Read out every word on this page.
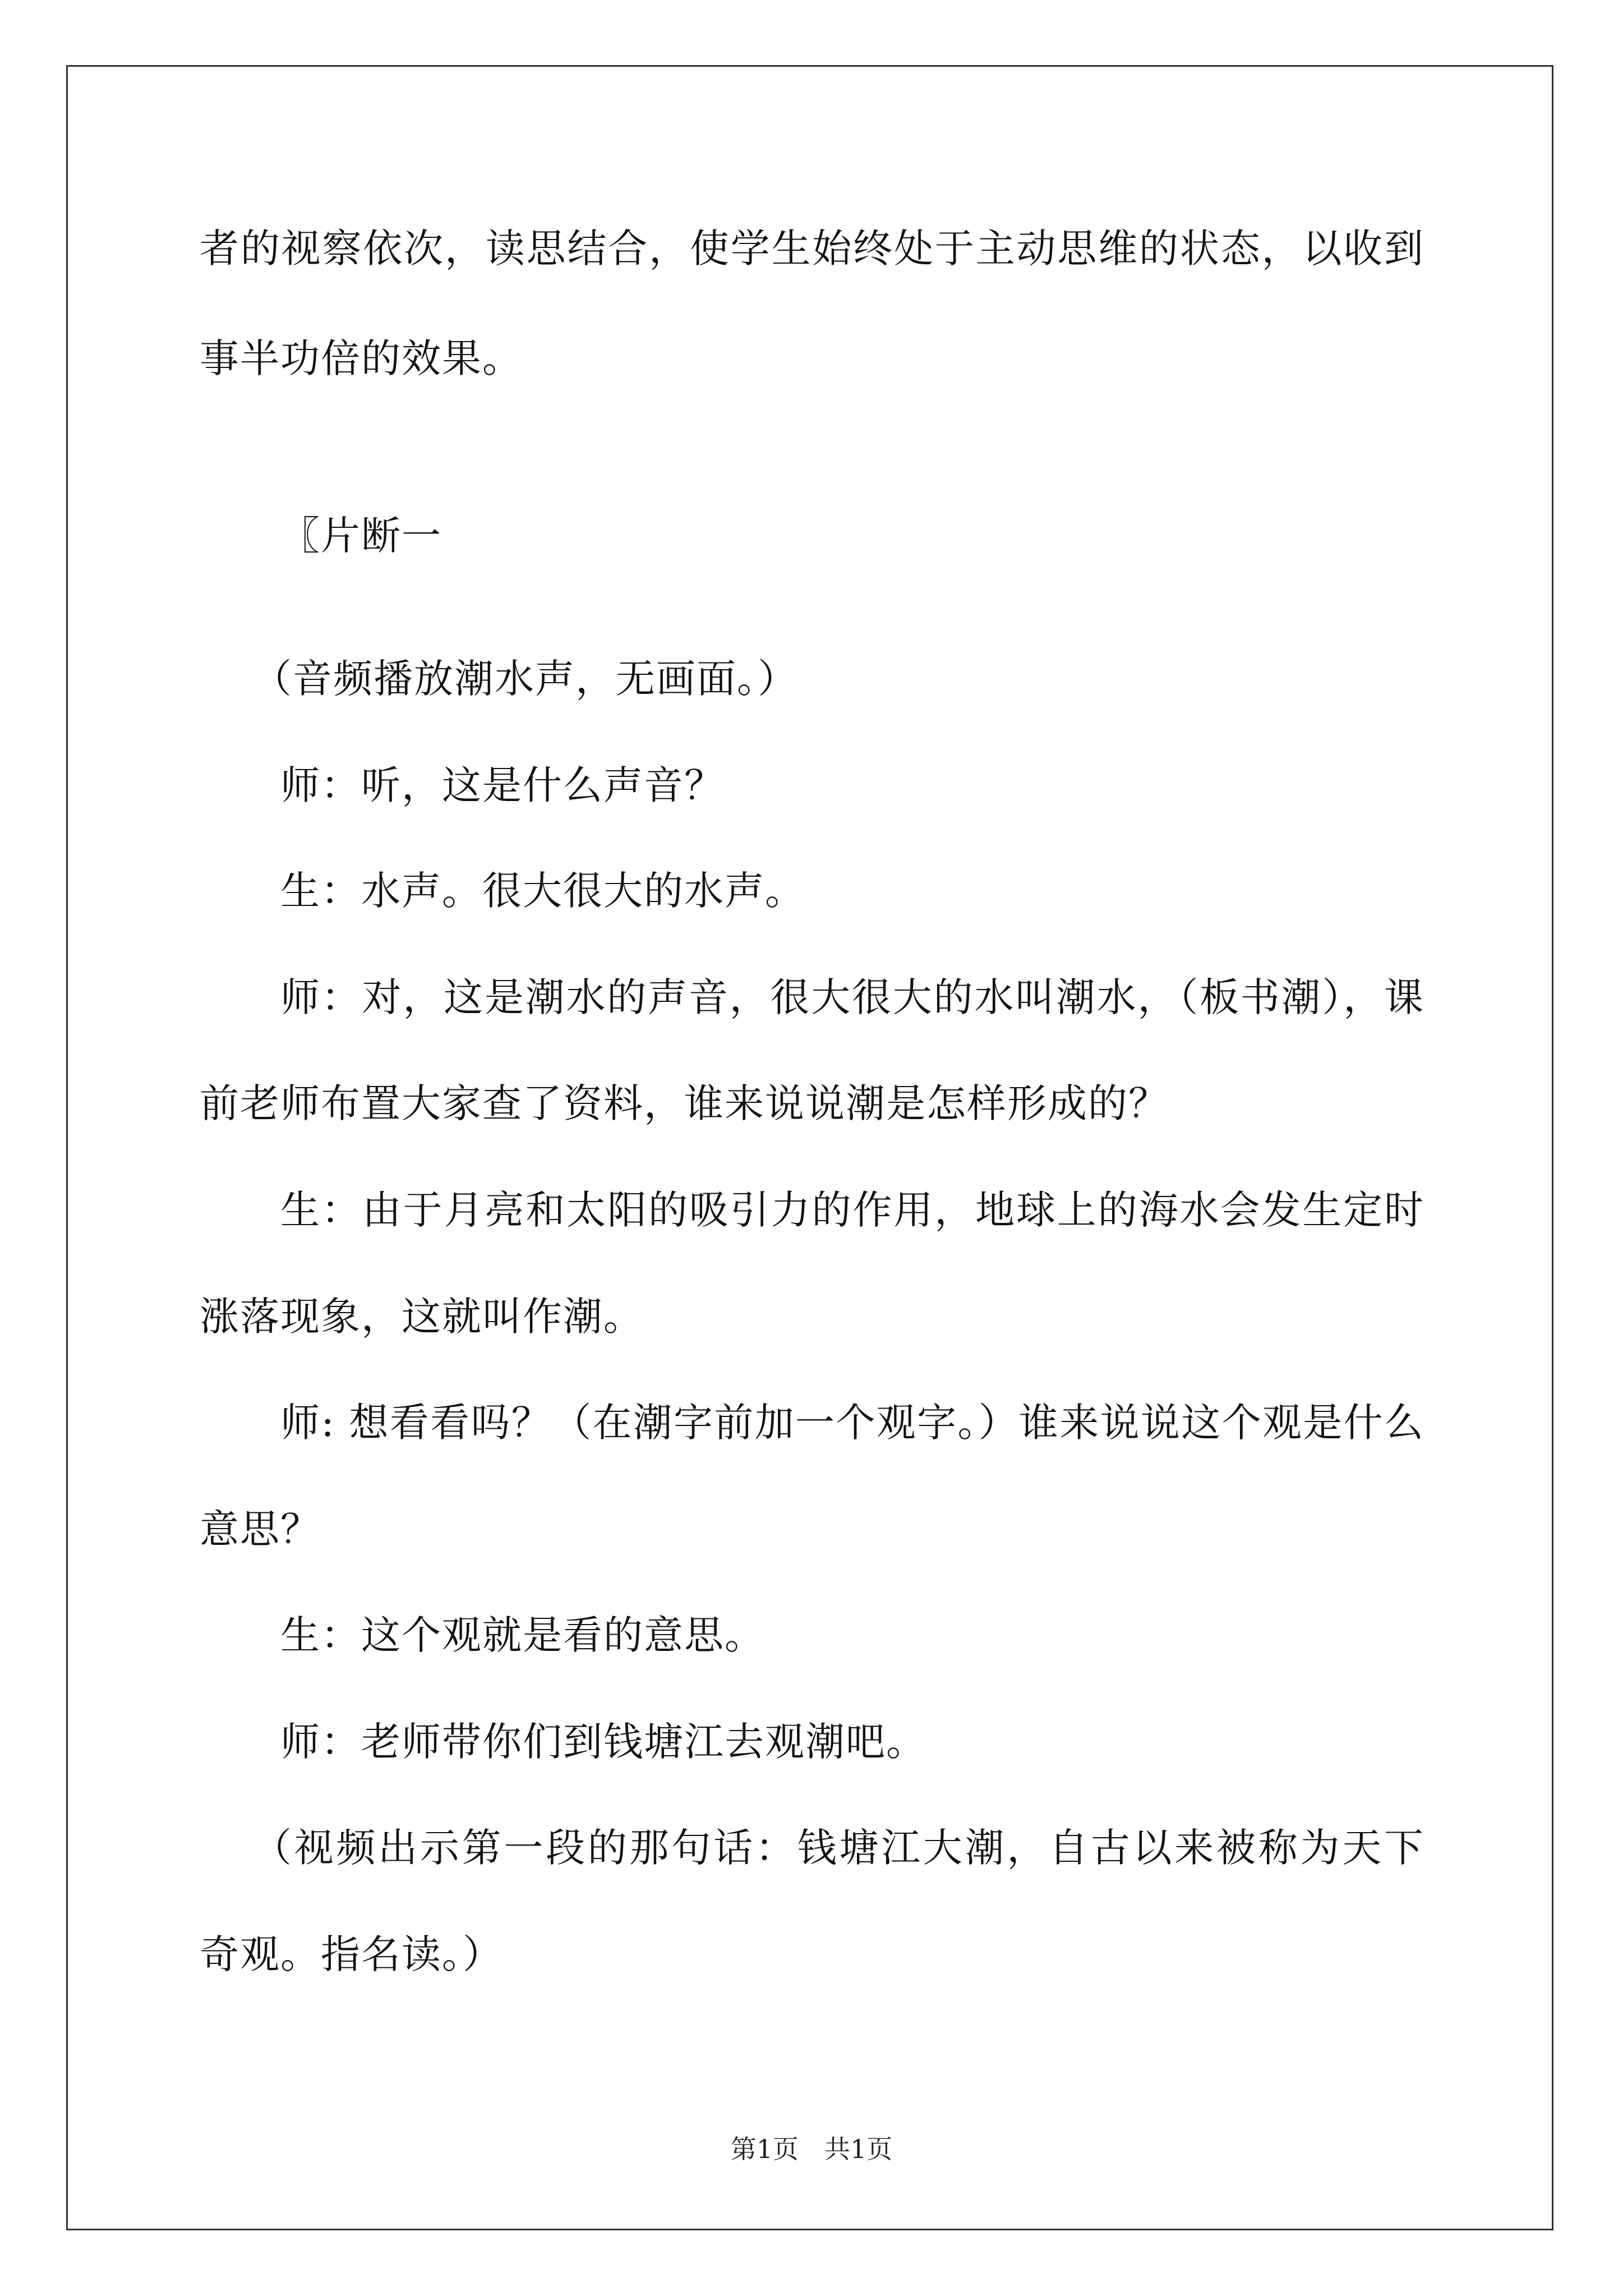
者的视察依次，读思结合，使学生始终处于主动思维的状态，以收到
事半功倍的效果。
〖片断一
（音频播放潮水声，无画面。）
师：听，这是什么声音？
生：水声。很大很大的水声。
师：对，这是潮水的声音，很大很大的水叫潮水，（板书潮），课
前老师布置大家查了资料，谁来说说潮是怎样形成的？
生：由于月亮和太阳的吸引力的作用，地球上的海水会发生定时
涨落现象，这就叫作潮。
师: 想看看吗？（在潮字前加一个观字。）谁来说说这个观是什么
意思？
生：这个观就是看的意思。
师：老师带你们到钱塘江去观潮吧。
（视频出示第一段的那句话：钱塘江大潮，自古以来被称为天下
奇观。指名读。）
第1页　共1页
